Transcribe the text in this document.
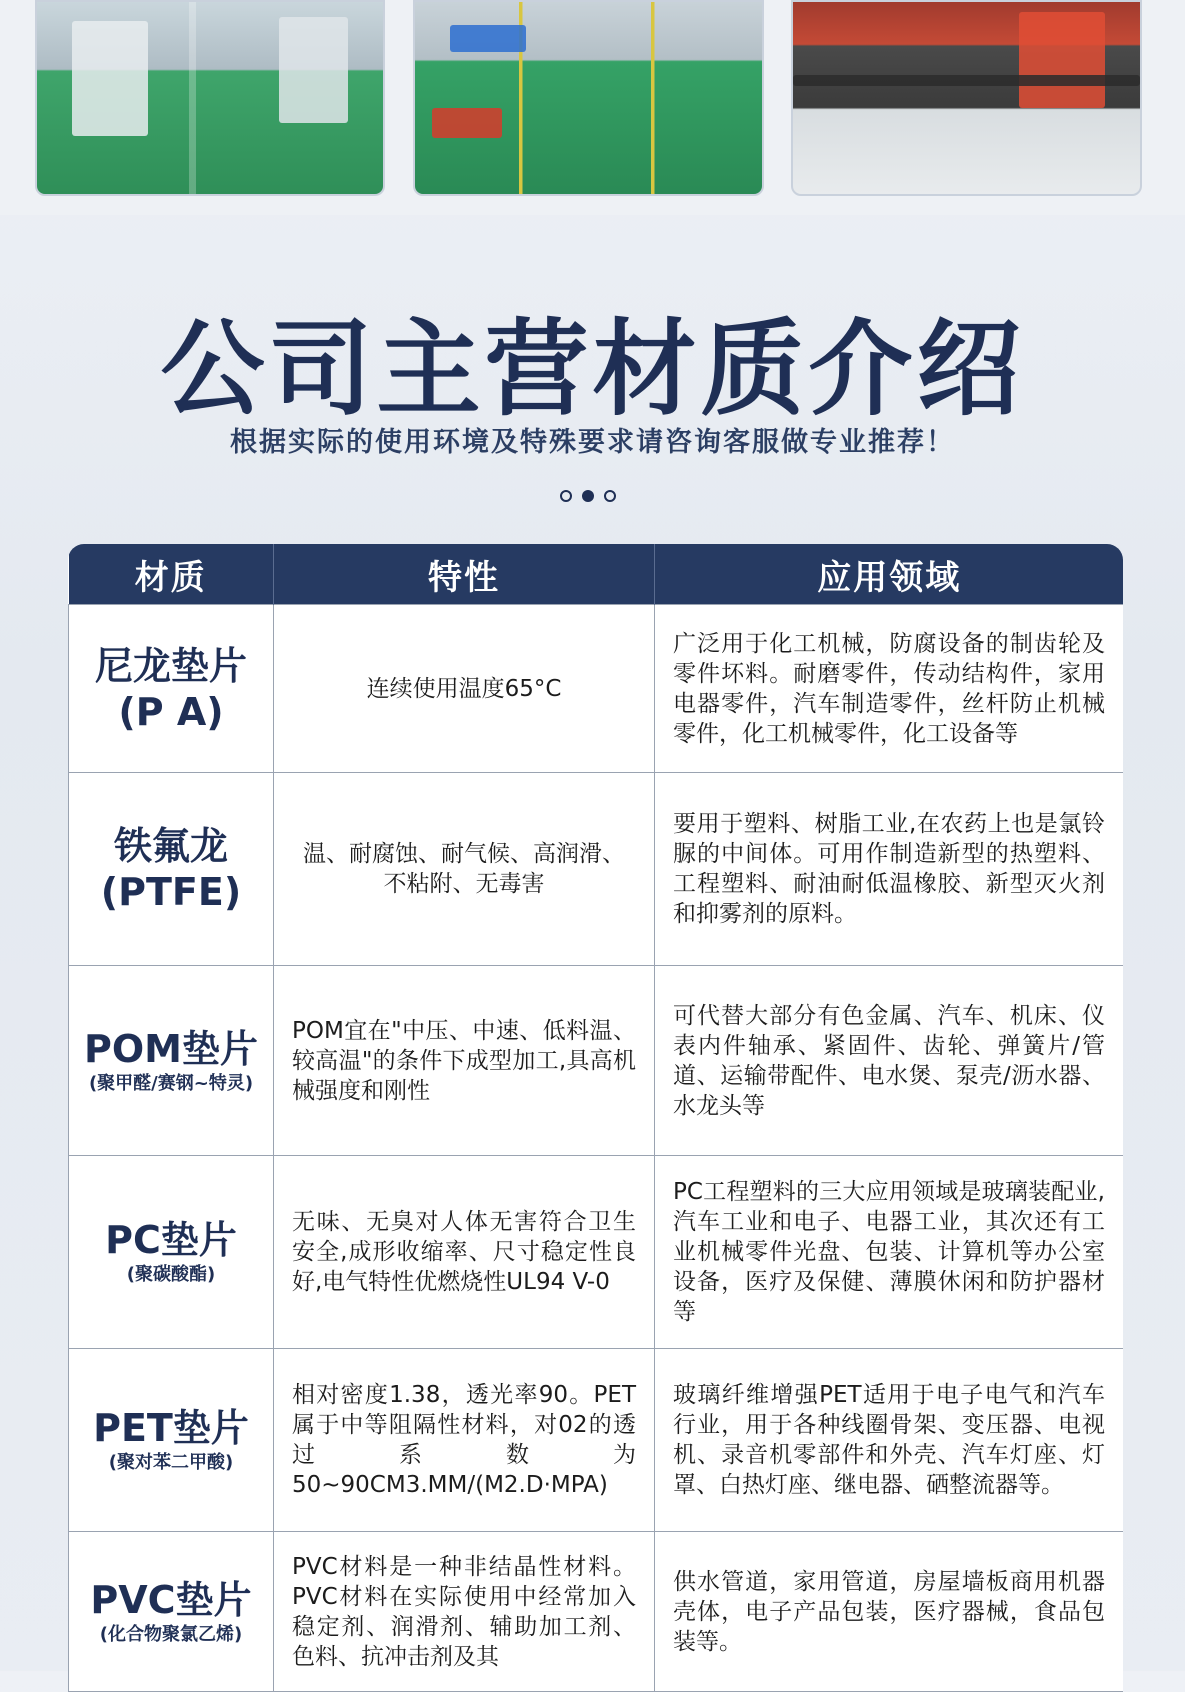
公司主营材质介绍
根据实际的使用环境及特殊要求请咨询客服做专业推荐！
材质	特性	应用领域

尼龙垫片
(P A)	连续使用温度65°C	广泛用于化工机械，防腐设备的制齿轮及零件坏料。耐磨零件，传动结构件，家用电器零件，汽车制造零件，丝杆防止机械零件，化工机械零件，化工设备等

铁氟龙
(PTFE)	温、耐腐蚀、耐气候、高润滑、不粘附、无毒害	要用于塑料、树脂工业,在农药上也是氯铃脲的中间体。可用作制造新型的热塑料、工程塑料、耐油耐低温橡胶、新型灭火剂和抑雾剂的原料。

POM垫片
(聚甲醛/赛钢~特灵)	POM宜在"中压、中速、低料温、较高温"的条件下成型加工,具高机械强度和刚性	可代替大部分有色金属、汽车、机床、仪表内件轴承、紧固件、齿轮、弹簧片/管道、运输带配件、电水煲、泵壳/沥水器、水龙头等

PC垫片
(聚碳酸酯)	无味、无臭对人体无害符合卫生安全,成形收缩率、尺寸稳定性良好,电气特性优燃烧性UL94 V-0	PC工程塑料的三大应用领域是玻璃装配业,汽车工业和电子、电器工业，其次还有工业机械零件光盘、包装、计算机等办公室设备，医疗及保健、薄膜休闲和防护器材等

PET垫片
(聚对苯二甲酸)	相对密度1.38，透光率90。PET属于中等阻隔性材料，对02的透过系数为50~90CM3.MM/(M2.D·MPA)	玻璃纤维增强PET适用于电子电气和汽车行业，用于各种线圈骨架、变压器、电视机、录音机零部件和外壳、汽车灯座、灯罩、白热灯座、继电器、硒整流器等。

PVC垫片
(化合物聚氯乙烯)	PVC材料是一种非结晶性材料。 PVC材料在实际使用中经常加入稳定剂、润滑剂、辅助加工剂、色料、抗冲击剂及其	供水管道，家用管道，房屋墙板商用机器壳体，电子产品包装，医疗器械，食品包装等。
